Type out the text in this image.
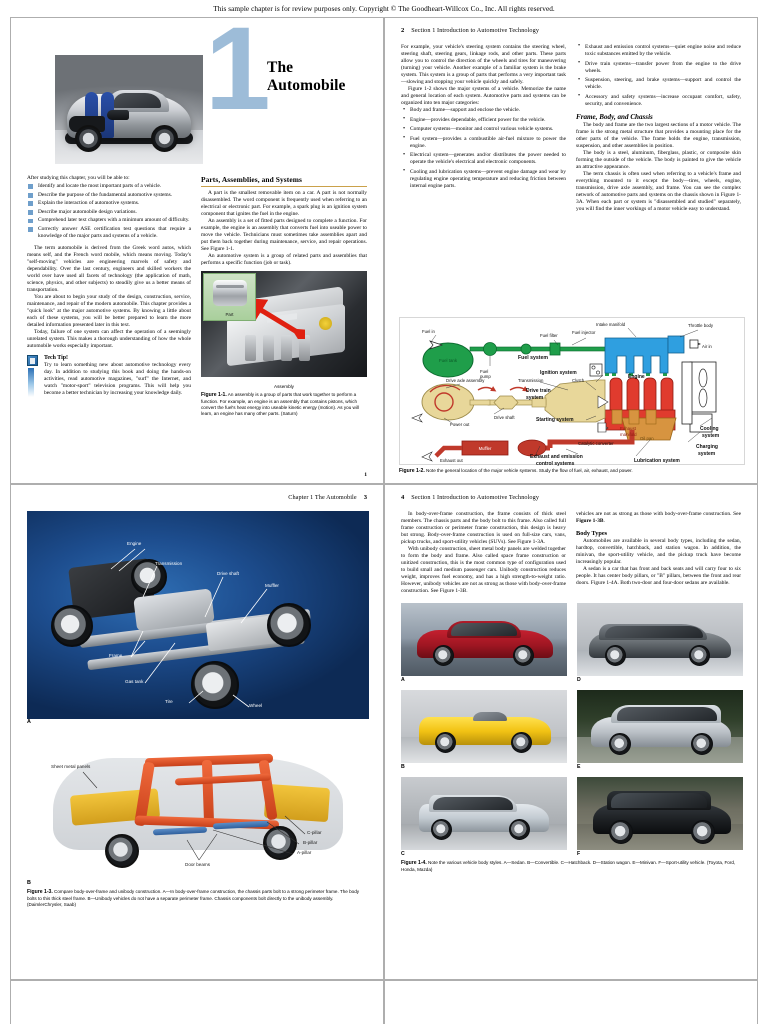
This sample chapter is for review purposes only. Copyright © The Goodheart-Willcox Co., Inc. All rights reserved.
1 The Automobile
After studying this chapter, you will be able to:
Identify and locate the most important parts of a vehicle.
Describe the purpose of the fundamental automotive systems.
Explain the interaction of automotive systems.
Describe major automobile design variations.
Comprehend later text chapters with a minimum amount of difficulty.
Correctly answer ASE certification test questions that require a knowledge of the major parts and systems of a vehicle.

The term automobile is derived from the Greek word autos, which means self, and the French word mobile, which means moving. Today's "self-moving" vehicles are engineering marvels of safety and dependability. Over the last century, engineers and skilled workers the world over have used all facets of technology (the application of math, science, physics, and other subjects) to steadily give us a better means of transportation.

You are about to begin your study of the design, construction, service, maintenance, and repair of the modern automobile. This chapter provides a "quick look" at the major automotive systems. By knowing a little about each of these systems, you will be better prepared to learn the more detailed information presented later in this text.

Today, failure of one system can affect the operation of a seemingly unrelated system. This makes a thorough understanding of how the whole automobile works especially important.

Tech Tip!

Try to learn something new about automotive technology every day. In addition to studying this book and doing the hands-on activities, read automotive magazines, "surf" the Internet, and watch "motor-sport" television programs. This will help you become a better technician by increasing your knowledge daily.

Parts, Assemblies, and Systems

A part is the smallest removable item on a car. A part is not normally disassembled. The word component is frequently used when referring to an electrical or electronic part. For example, a spark plug is an ignition system component that ignites the fuel in the engine.

An assembly is a set of fitted parts designed to complete a function. For example, the engine is an assembly that converts fuel into useable power to move the vehicle. Technicians must sometimes take assemblies apart and put them back together during maintenance, service, and repair operations. See Figure 1-1.

An automotive system is a group of related parts and assemblies that performs a specific function (job or task).

Part
Assembly
Figure 1-1. An assembly is a group of parts that work together to perform a function. For example, an engine is an assembly that contains pistons, which convert the fuel's heat energy into useable kinetic energy (motion). As you will learn, an engine has many other parts. (Saturn)
1
2 Section 1 Introduction to Automotive Technology

For example, your vehicle's steering system contains the steering wheel, steering shaft, steering gears, linkage rods, and other parts. These parts allow you to control the direction of the wheels and tires for maneuvering (turning) your vehicle. Another example of a familiar system is the brake system. This system is a group of parts that performs a very important task—slowing and stopping your vehicle quickly and safely.

Figure 1-2 shows the major systems of a vehicle. Memorize the name and general location of each system. Automotive parts and systems can be organized into ten major categories:

• Body and frame—support and enclose the vehicle.
• Engine—provides dependable, efficient power for the vehicle.
• Computer systems—monitor and control various vehicle systems.
• Fuel system—provides a combustible air-fuel mixture to power the engine.
• Electrical system—generates and/or distributes the power needed to operate the vehicle's electrical and electronic components.
• Cooling and lubrication systems—prevent engine damage and wear by regulating engine operating temperature and reducing friction between internal engine parts.
• Exhaust and emission control systems—quiet engine noise and reduce toxic substances emitted by the vehicle.
• Drive train systems—transfer power from the engine to the drive wheels.
• Suspension, steering, and brake systems—support and control the vehicle.
• Accessory and safety systems—increase occupant comfort, safety, security, and convenience.
Frame, Body, and Chassis

The body and frame are the two largest sections of a motor vehicle. The frame is the strong metal structure that provides a mounting place for the other parts of the vehicle. The frame holds the engine, transmission, suspension, and other assemblies in position.

The body is a steel, aluminum, fiberglass, plastic, or composite skin forming the outside of the vehicle. The body is painted to give the vehicle an attractive appearance.

The term chassis is often used when referring to a vehicle's frame and everything mounted to it except the body—tires, wheels, engine, transmission, drive axle assembly, and frame. You can see the complex network of automotive parts and systems on the chassis shown in Figure 1-3A. When each part or system is "disassembled and studied" separately, you will find the inner workings of a motor vehicle easy to understand.

Fuel tank
Muffler
Fuel in
Fuel
pump
Fuel filter
Fuel injector
Fuel system
Intake manifold	Throttle body
Air in
Engine
Ignition system
Drive axle assembly	Transmission	Clutch
Drive train
system
Drive shaft
Power out
Starting system
Catalytic converter
Exhaust out
Exhaust
manifold
Exhaust and emission
control systems
Oil pan
Lubrication system
Cooling
system
Charging
system
Figure 1-2. Note the general location of the major vehicle systems. Study the flow of fuel, air, exhaust, and power.
Chapter 1 The Automobile 3
Engine
Transmission
Drive shaft
Muffler
Frame
Gas tank
Tire
Wheel
A
Sheet metal panels
C-pillar
B-pillar
A-pillar
Door beams
B
Figure 1-3. Compare body-over-frame and unibody construction. A—In body-over-frame construction, the chassis parts bolt to a strong perimeter frame. The body bolts to this thick steel frame. B—Unibody vehicles do not have a separate perimeter frame. Chassis components bolt directly to the unibody assembly. (DaimlerChrysler, Saab)
4 Section 1 Introduction to Automotive Technology

In body-over-frame construction, the frame consists of thick steel members. The chassis parts and the body bolt to this frame. Also called full frame construction or perimeter frame construction, this design is heavy but strong. Body-over-frame construction is used on full-size cars, vans, pickup trucks, and sport-utility vehicles (SUVs). See Figure 1-3A.

With unibody construction, sheet metal body panels are welded together to form the body and frame. Also called space frame construction or unitized construction, this is the most common type of configuration used to build small and medium passenger cars. Unibody construction reduces weight, improves fuel economy, and has a high strength-to-weight ratio. However, unibody vehicles are not as strong as those with body-over-frame construction. See Figure 1-3B.

vehicles are not as strong as those with body-over-frame construction. See Figure 1-3B.

Body Types

Automobiles are available in several body types, including the sedan, hardtop, convertible, hatchback, and station wagon. In addition, the minivan, the sport-utility vehicle, and the pickup truck have become increasingly popular.

A sedan is a car that has front and back seats and will carry four to six people. It has center body pillars, or "B" pillars, between the front and rear doors. Figure 1-4A. Both two-door and four-door sedans are available.

A	D
B	E
C	F
Figure 1-4. Note the various vehicle body styles. A—Sedan. B—Convertible. C—Hatchback. D—Station wagon. E—Minivan. F—Sport-utility vehicle. (Toyota, Ford, Honda, Mazda)
